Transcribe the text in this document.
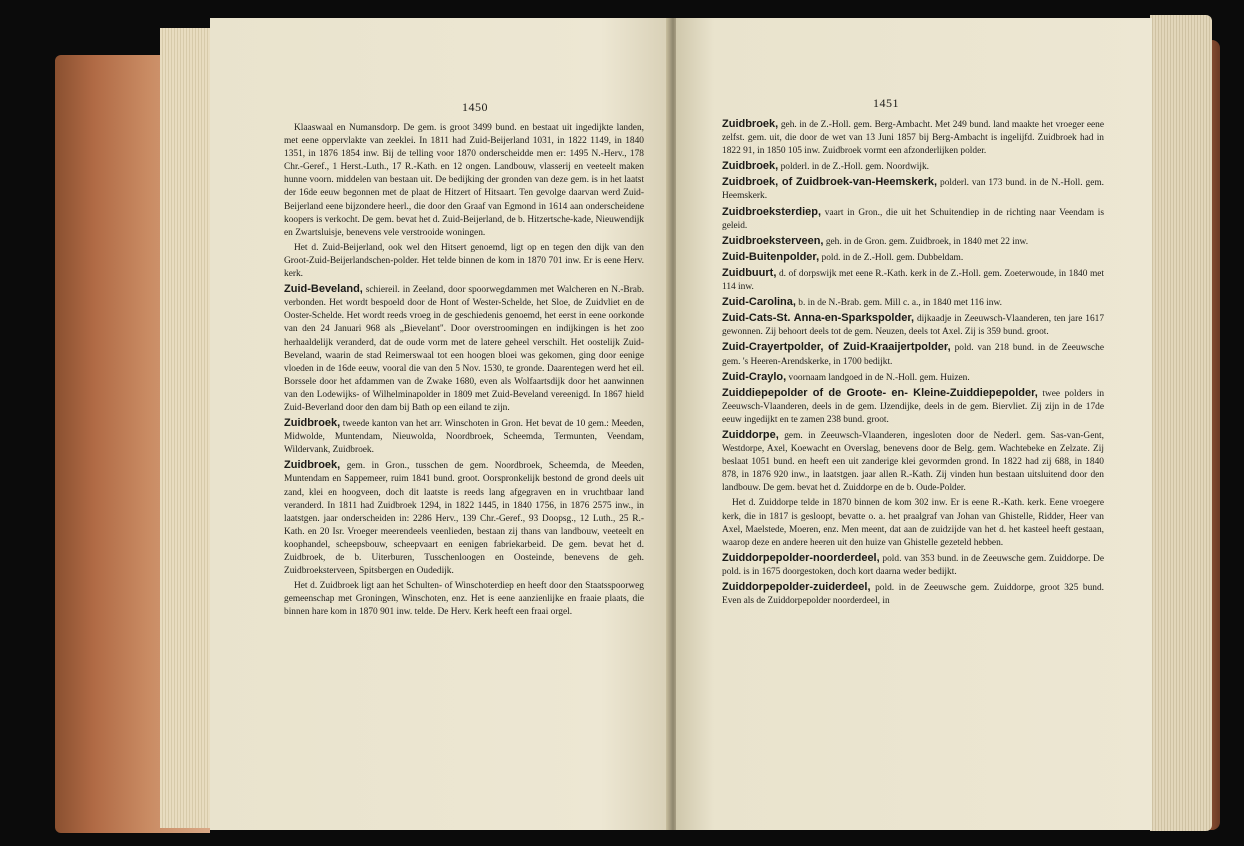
1450

Klaaswaal en Numansdorp. De gem. is groot 3499 bund. en bestaat uit ingedijkte landen, met eene oppervlakte van zeeklei. In 1811 had Zuid-Beijerland 1031, in 1822 1149, in 1840 1351, in 1876 1854 inw. Bij de telling voor 1870 onderscheidde men er: 1495 N.-Herv., 178 Chr.-Geref., 1 Herst.-Luth., 17 R.-Kath. en 12 ongen. Landbouw, vlasserij en veeteelt maken hunne voorn. middelen van bestaan uit. De bedijking der gronden van deze gem. is in het laatst der 16de eeuw begonnen met de plaat de Hitzert of Hitsaart. Ten gevolge daarvan werd Zuid-Beijerland eene bijzondere heerl., die door den Graaf van Egmond in 1614 aan onderscheidene koopers is verkocht. De gem. bevat het d. Zuid-Beijerland, de b. Hitzertsche-kade, Nieuwendijk en Zwartsluisje, benevens vele verstrooide woningen.

Het d. Zuid-Beijerland, ook wel den Hitsert genoemd, ligt op en tegen den dijk van den Groot-Zuid-Beijerlandschen-polder. Het telde binnen de kom in 1870 701 inw. Er is eene Herv. kerk.

Zuid-Beveland, schiereil. in Zeeland, door spoorwegdammen met Walcheren en N.-Brab. verbonden. Het wordt bespoeld door de Hont of Wester-Schelde, het Sloe, de Zuidvliet en de Ooster-Schelde. Het wordt reeds vroeg in de geschiedenis genoemd, het eerst in eene oorkonde van den 24 Januari 968 als „Bievelant". Door overstroomingen en indijkingen is het zoo herhaaldelijk veranderd, dat de oude vorm met de latere geheel verschilt. Het oostelijk Zuid-Beveland, waarin de stad Reimerswaal tot een hoogen bloei was gekomen, ging door eenige vloeden in de 16de eeuw, vooral die van den 5 Nov. 1530, te gronde. Daarentegen werd het eil. Borssele door het afdammen van de Zwake 1680, even als Wolfaartsdijk door het aanwinnen van den Lodewijks- of Wilhelminapolder in 1809 met Zuid-Beveland vereenigd. In 1867 hield Zuid-Beverland door den dam bij Bath op een eiland te zijn.

Zuidbroek, tweede kanton van het arr. Winschoten in Gron. Het bevat de 10 gem.: Meeden, Midwolde, Muntendam, Nieuwolda, Noordbroek, Scheemda, Termunten, Veendam, Wildervank, Zuidbroek.

Zuidbroek, gem. in Gron., tusschen de gem. Noordbroek, Scheemda, de Meeden, Muntendam en Sappemeer, ruim 1841 bund. groot. Oorspronkelijk bestond de grond deels uit zand, klei en hoogveen, doch dit laatste is reeds lang afgegraven en in vruchtbaar land veranderd. In 1811 had Zuidbroek 1294, in 1822 1445, in 1840 1756, in 1876 2575 inw., in laatstgen. jaar onderscheiden in: 2286 Herv., 139 Chr.-Geref., 93 Doopsg., 12 Luth., 25 R.-Kath. en 20 Isr. Vroeger meerendeels veenlieden, bestaan zij thans van landbouw, veeteelt en koophandel, scheepsbouw, scheepvaart en eenigen fabriekarbeid. De gem. bevat het d. Zuidbroek, de b. Uiterburen, Tusschenloogen en Oosteinde, benevens de geh. Zuidbroeksterveen, Spitsbergen en Oudedijk.

Het d. Zuidbroek ligt aan het Schulten- of Winschoterdiep en heeft door den Staatsspoorweg gemeenschap met Groningen, Winschoten, enz. Het is eene aanzienlijke en fraaie plaats, die binnen hare kom in 1870 901 inw. telde. De Herv. Kerk heeft een fraai orgel.

1451

Zuidbroek, geh. in de Z.-Holl. gem. Berg-Ambacht. Met 249 bund. land maakte het vroeger eene zelfst. gem. uit, die door de wet van 13 Juni 1857 bij Berg-Ambacht is ingelijfd. Zuidbroek had in 1822 91, in 1850 105 inw. Zuidbroek vormt een afzonderlijken polder.

Zuidbroek, polderl. in de Z.-Holl. gem. Noordwijk.

Zuidbroek, of Zuidbroek-van-Heemskerk, polderl. van 173 bund. in de N.-Holl. gem. Heemskerk.

Zuidbroeksterdiep, vaart in Gron., die uit het Schuitendiep in de richting naar Veendam is geleid.

Zuidbroeksterveen, geh. in de Gron. gem. Zuidbroek, in 1840 met 22 inw.

Zuid-Buitenpolder, pold. in de Z.-Holl. gem. Dubbeldam.

Zuidbuurt, d. of dorpswijk met eene R.-Kath. kerk in de Z.-Holl. gem. Zoeterwoude, in 1840 met 114 inw.

Zuid-Carolina, b. in de N.-Brab. gem. Mill c. a., in 1840 met 116 inw.

Zuid-Cats-St. Anna-en-Sparkspolder, dijkaadje in Zeeuwsch-Vlaanderen, ten jare 1617 gewonnen. Zij behoort deels tot de gem. Neuzen, deels tot Axel. Zij is 359 bund. groot.

Zuid-Crayertpolder, of Zuid-Kraaijertpolder, pold. van 218 bund. in de Zeeuwsche gem. 's Heeren-Arendskerke, in 1700 bedijkt.

Zuid-Craylo, voornaam landgoed in de N.-Holl. gem. Huizen.

Zuiddiepepolder of de Groote- en- Kleine-Zuiddiepepolder, twee polders in Zeeuwsch-Vlaanderen, deels in de gem. IJzendijke, deels in de gem. Biervliet. Zij zijn in de 17de eeuw ingedijkt en te zamen 238 bund. groot.

Zuiddorpe, gem. in Zeeuwsch-Vlaanderen, ingesloten door de Nederl. gem. Sas-van-Gent, Westdorpe, Axel, Koewacht en Overslag, benevens door de Belg. gem. Wachtebeke en Zelzate. Zij beslaat 1051 bund. en heeft een uit zanderige klei gevormden grond. In 1822 had zij 688, in 1840 878, in 1876 920 inw., in laatstgen. jaar allen R.-Kath. Zij vinden hun bestaan uitsluitend door den landbouw. De gem. bevat het d. Zuiddorpe en de b. Oude-Polder.

Het d. Zuiddorpe telde in 1870 binnen de kom 302 inw. Er is eene R.-Kath. kerk. Eene vroegere kerk, die in 1817 is gesloopt, bevatte o. a. het praalgraf van Johan van Ghistelle, Ridder, Heer van Axel, Maelstede, Moeren, enz. Men meent, dat aan de zuidzijde van het d. het kasteel heeft gestaan, waarop deze en andere heeren uit den huize van Ghistelle gezeteld hebben.

Zuiddorpepolder-noorderdeel, pold. van 353 bund. in de Zeeuwsche gem. Zuiddorpe. De pold. is in 1675 doorgestoken, doch kort daarna weder bedijkt.

Zuiddorpepolder-zuiderdeel, pold. in de Zeeuwsche gem. Zuiddorpe, groot 325 bund. Even als de Zuiddorpepolder noorderdeel, in
